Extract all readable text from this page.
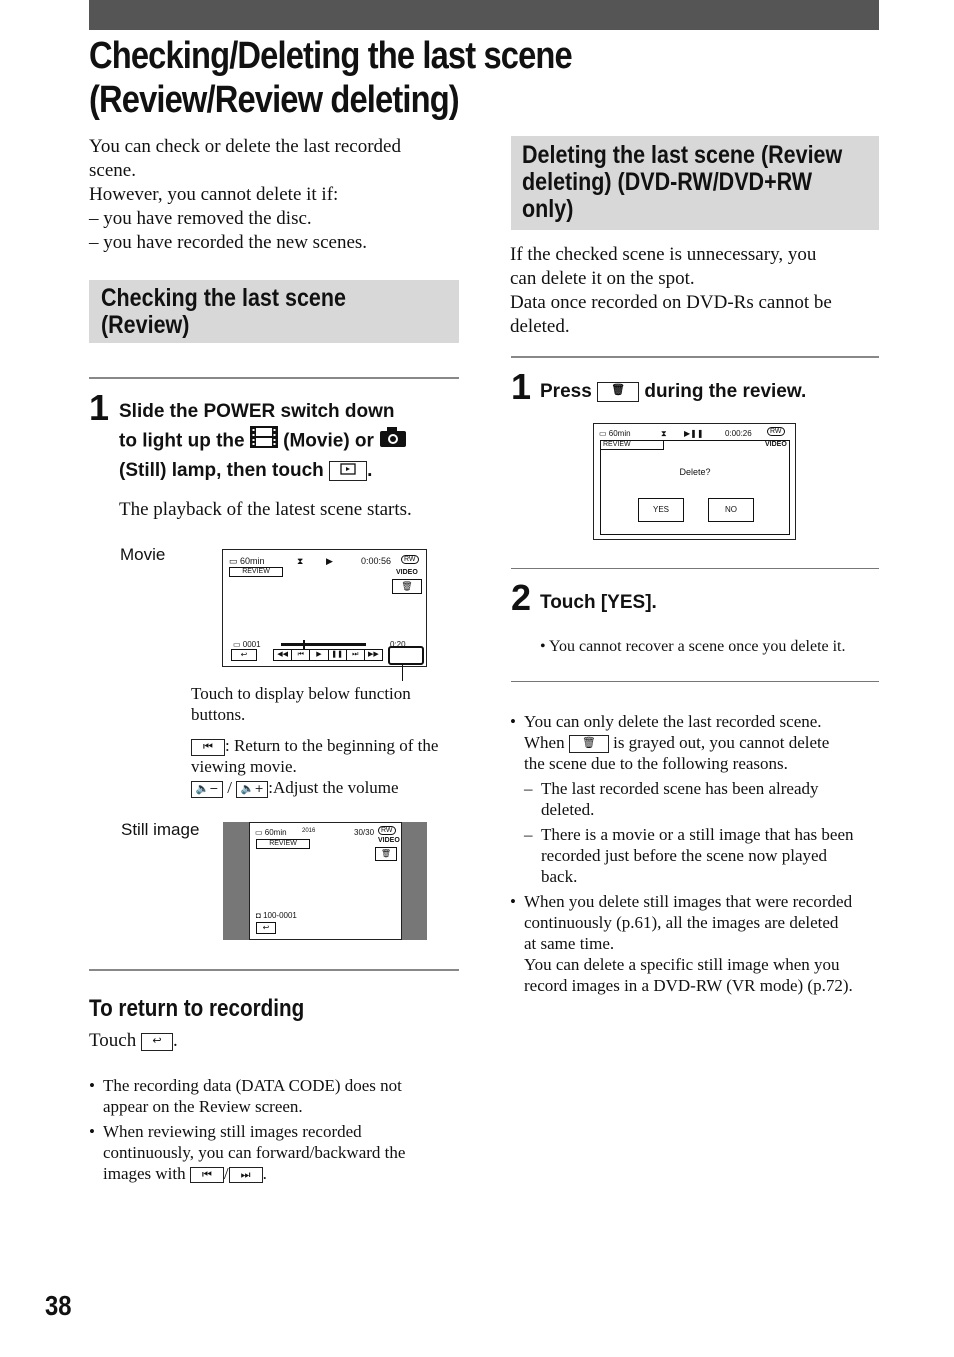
Checking/Deleting the last scene
(Review/Review deleting)
You can check or delete the last recorded
scene.
However, you cannot delete it if:
– you have removed the disc.
– you have recorded the new scenes.
Checking the last scene
(Review)
1 Slide the POWER switch down
to light up the (Movie) or
(Still) lamp, then touch .
The playback of the latest scene starts.
Movie	▭ 60min	⧗	▶	0:00:56	RW
REVIEW	VIDEO
🗑
▭ 0001	0:20
↩	◀◀	⏮	▶	❚❚	⏭	▶▶
Touch to display below function
buttons.
⏮ : Return to the beginning of the
viewing movie.
🔈− / 🔈+ :Adjust the volume
Still image	▭ 60min	2016	30/30 RW
REVIEW	VIDEO
🗑
◘ 100-0001
↩
To return to recording
Touch ↩ .
• The recording data (DATA CODE) does not
appear on the Review screen.
• When reviewing still images recorded
continuously, you can forward/backward the
images with ⏮ / ⏭ .
Deleting the last scene (Review
deleting) (DVD-RW/DVD+RW
only)
If the checked scene is unnecessary, you
can delete it on the spot.
Data once recorded on DVD-Rs cannot be
deleted.
1 Press 🗑 during the review.
▭ 60min	⧗ ▶❚❚	0:00:26	RW
REVIEW	VIDEO
Delete?
YES	NO
2 Touch [YES].
• You cannot recover a scene once you delete it.
• You can only delete the last recorded scene.
When 🗑 is grayed out, you cannot delete
the scene due to the following reasons.
– The last recorded scene has been already
deleted.
– There is a movie or a still image that has been
recorded just before the scene now played
back.
• When you delete still images that were recorded
continuously (p.61), all the images are deleted
at same time.
You can delete a specific still image when you
record images in a DVD-RW (VR mode) (p.72).
38
